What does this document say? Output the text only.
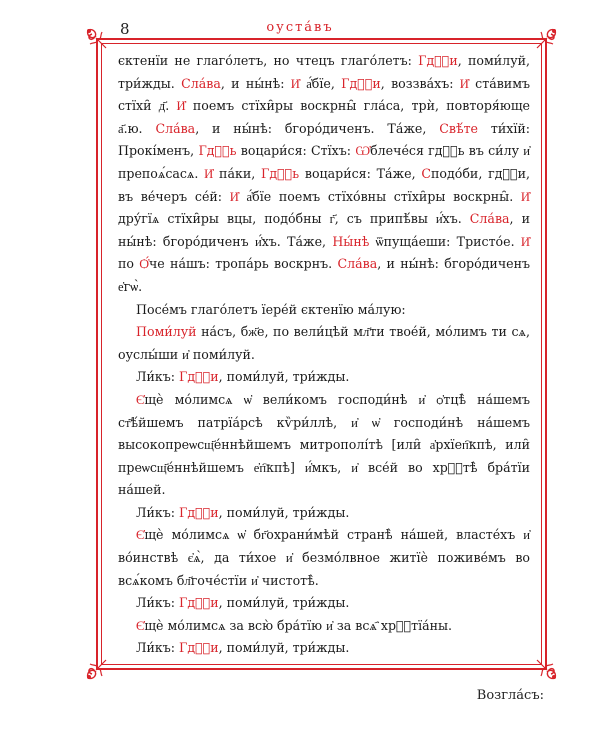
8	оуста́въ

єктенїи не глаго́летъ, но чтецъ глаго́летъ: Гдⷭ҇и, поми́луй, три́жды. Сла́ва, и ны́нѣ: И҆ а҆́бїе, Гдⷭ҇и, воззва́хъ: И҆ ста́вимъ стїхи̑ д҃. И҆ поемъ стїхи̑ры воскрны̑ гла́са, трѝ, повторя́юще а҃.ю. Сла́ва, и ны́нѣ: бгоро́диченъ. Та́же, Свѣ́те ти́хїй: Прокі́менъ, Гдⷭ҇ь воцари́ся: Стїхъ: Ѡ҆блече́ся гдⷭ҇ь въ си́лу и҆ препоѧ́сасѧ. И҆ па́ки, Гдⷭ҇ь воцари́ся: Та́же, Сподо́би, гдⷭ҇и, въ ве́черъ се́й: И҆ а҆́бїе поемъ стїхо́вны стїхи̑ры воскрны̑. И҆ дру́гїѧ стїхи̑ры вцы, подо́бны г҃, съ припѣ́вы и҆́хъ. Сла́ва, и ны́нѣ: бгоро́диченъ и҆́хъ. Та́же, Ны́нѣ ѿпуща́еши: Тристо́е. И҆ по Ѻ҆́че на́шъ: тропа́рь воскрнъ. Сла́ва, и ны́нѣ: бгоро́диченъ е҆гѡ̀.

Посе́мъ глаго́летъ їере́й єктенїю ма́лую:

Поми́луй на́съ, бж҃е, по вели́цѣй мл҃ти твое́й, мо́лимъ ти сѧ, оуслы́ши и҆ поми́луй.

Ли́къ: Гдⷭ҇и, поми́луй, три́жды.

Є҆щѐ мо́лимсѧ ѡ҆ вели́комъ господи́нѣ и҆ ѻ҆тцѣ̀ на́шемъ ст҃ѣ́йшемъ патрїа́рсѣ кѷри́ллѣ, и҆ ѡ҆ господи́нѣ на́шемъ высокопреѡсщ҃е́ннѣйшемъ митрополі́тѣ [или̑ а҆рхїеп҇кпѣ, или̑ преѡсщ҃е́ннѣйшемъ е҆п҇кпѣ] и҆́мкъ, и҆ все́й во хрⷭ҇тѣ̀ бра́тїи на́шей.

Ли́къ: Гдⷭ҇и, поми́луй, три́жды.

Є҆щѐ мо́лимсѧ ѡ҆ бг҃охрани́мѣй странѣ̀ на́шей, власте́хъ и҆ во́инствѣ є҆ѧ̀, да ти́хое и҆ безмо́лвное житїѐ поживе́мъ во всѧ́комъ бл҃гоче́стїи и҆ чистотѣ̀.

Ли́къ: Гдⷭ҇и, поми́луй, три́жды.

Є҆щѐ мо́лимсѧ за всю̀ бра́тїю и҆ за всѧ҄ хрⷭ҇тїа́ны.

Ли́къ: Гдⷭ҇и, поми́луй, три́жды.

Возгла́съ:
